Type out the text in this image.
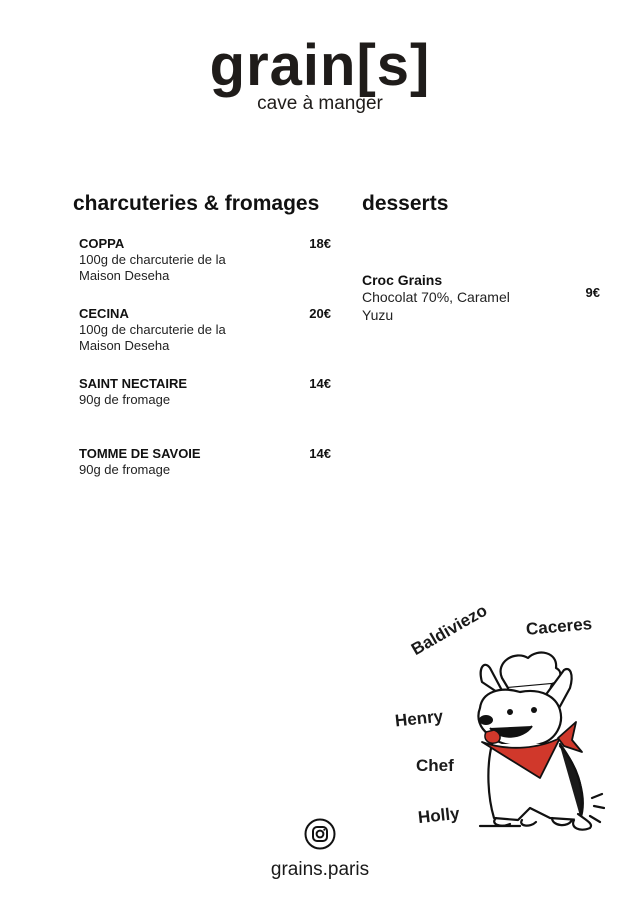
grain[s]
cave à manger
charcuteries & fromages
COPPA
100g de charcuterie de la
Maison Deseha
18€
CECINA
100g de charcuterie de la
Maison Deseha
20€
SAINT NECTAIRE
90g de fromage
14€
TOMME DE SAVOIE
90g de fromage
14€
desserts
Croc Grains
Chocolat 70%, Caramel
Yuzu
9€
Baldiviezo Caceres
Henry
Chef
Holly
grains.paris
